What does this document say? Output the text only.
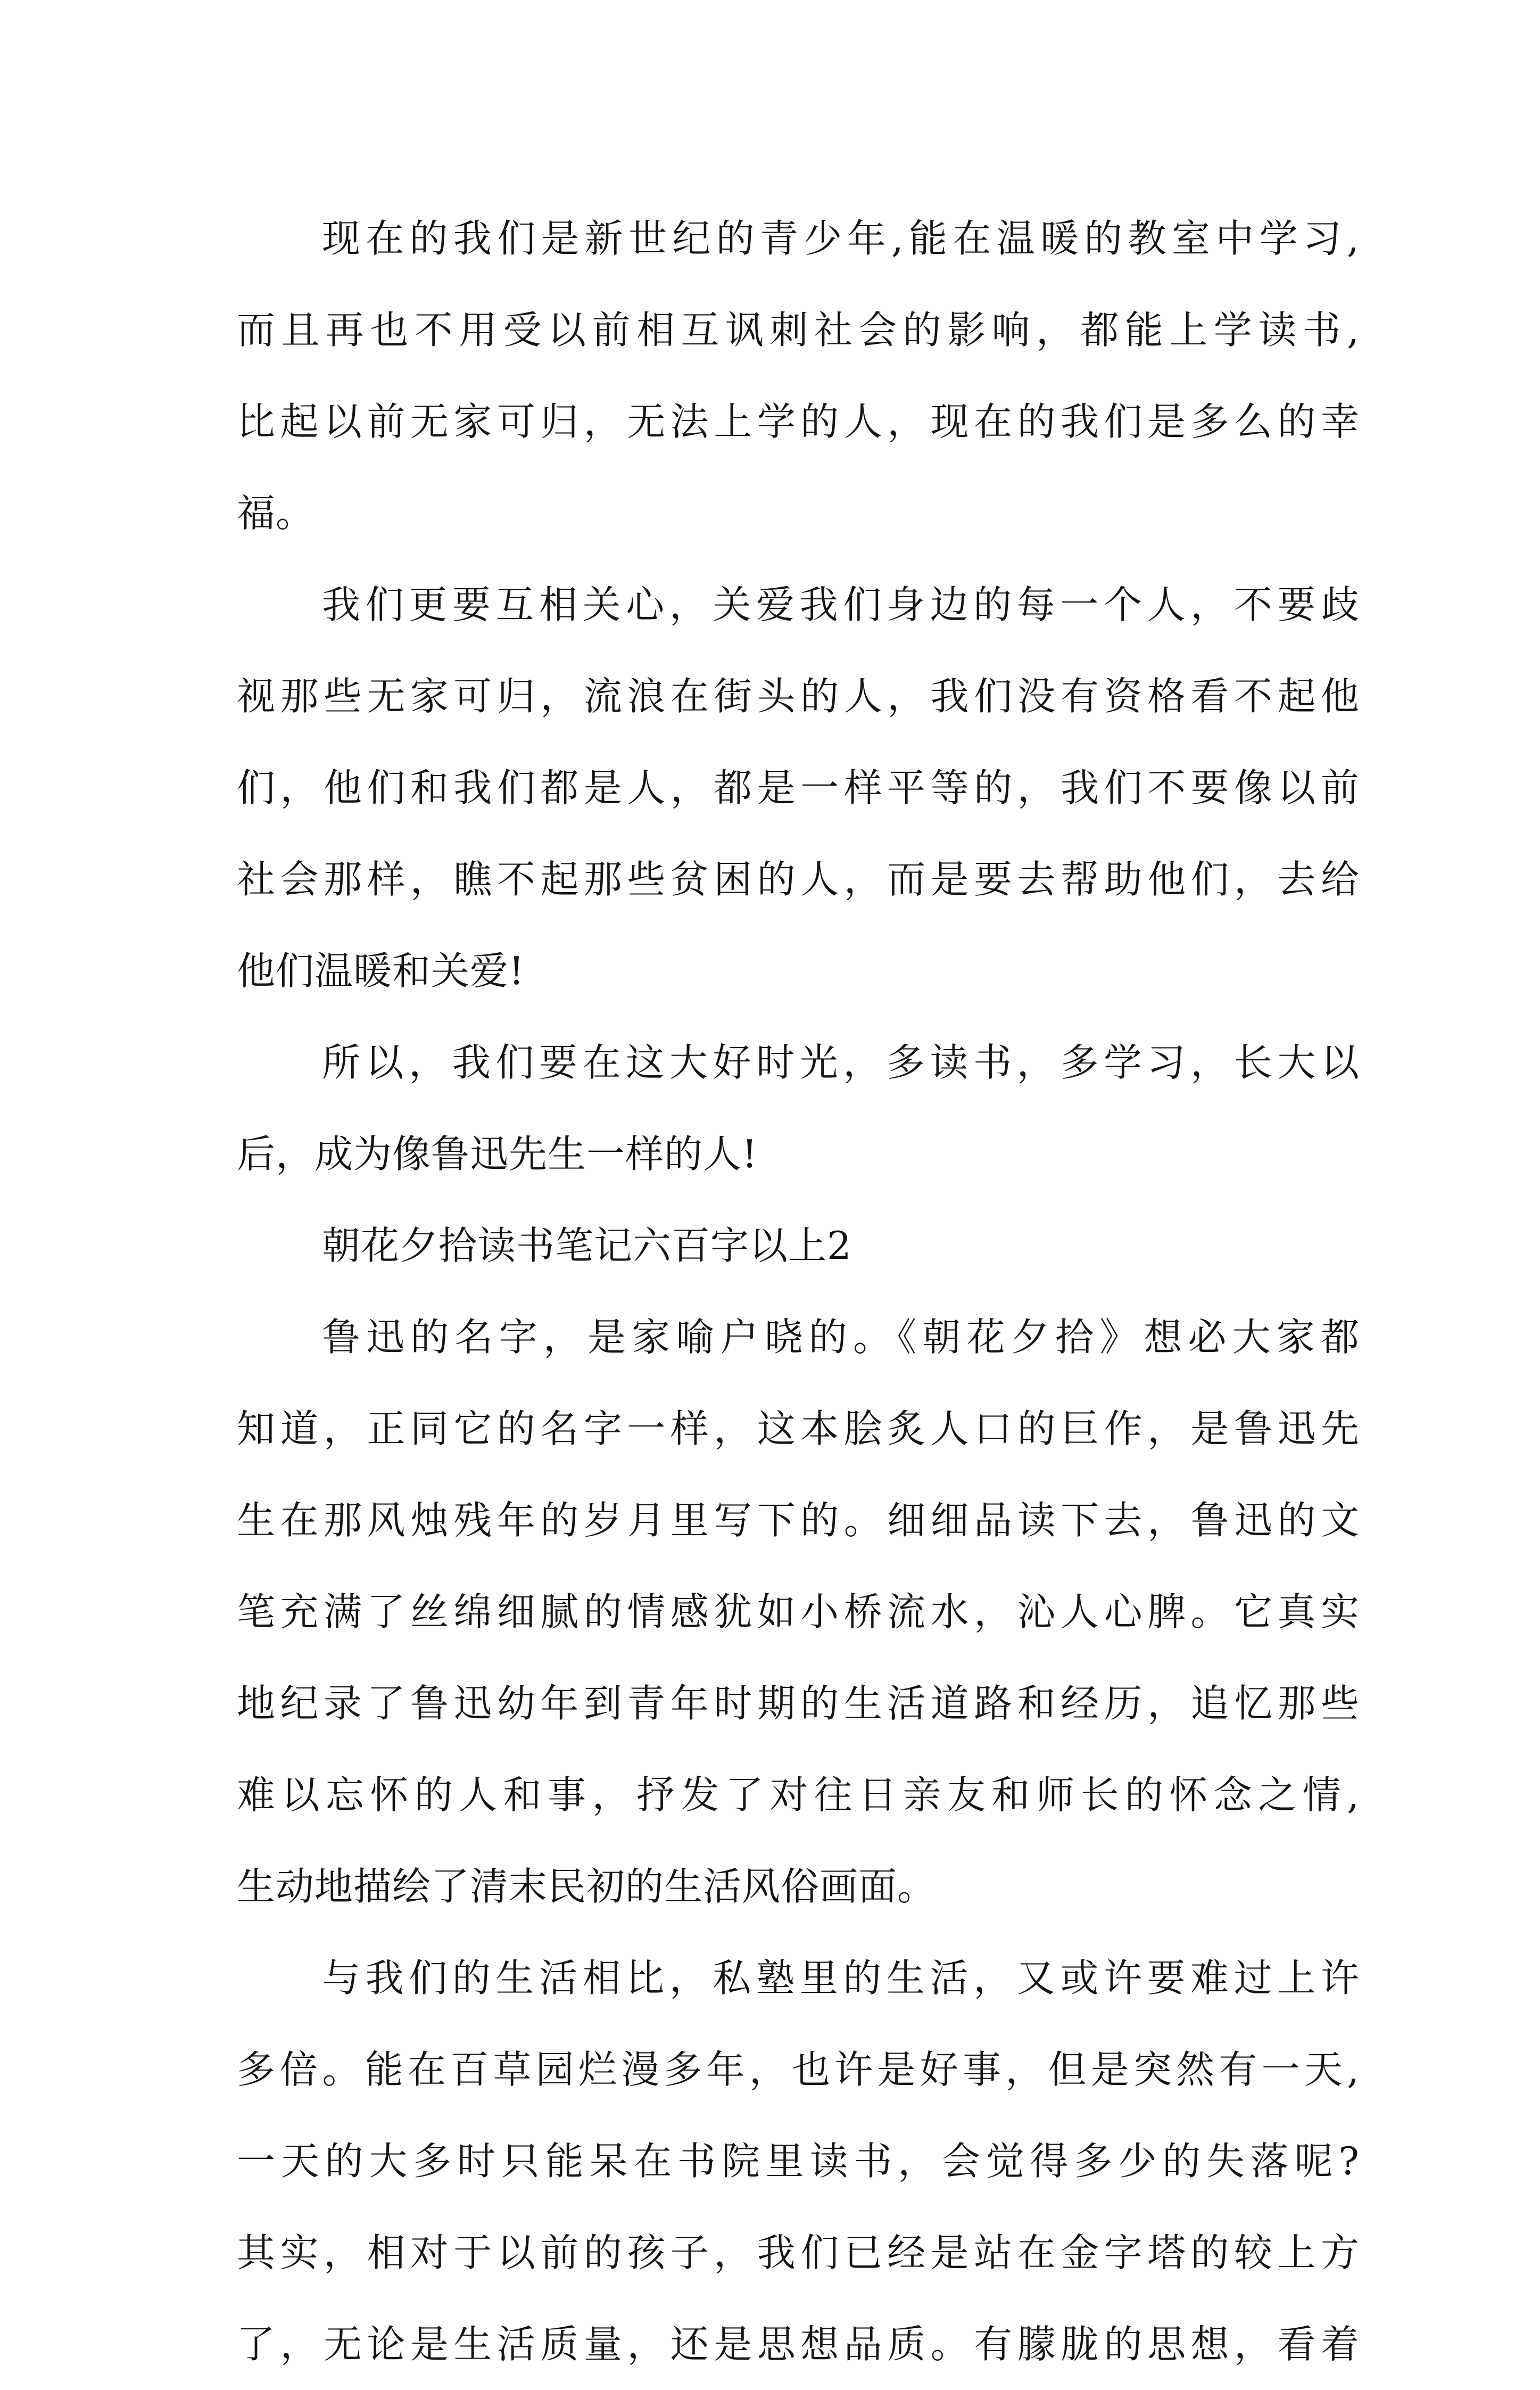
现在的我们是新世纪的青少年,能在温暖的教室中学习,
而且再也不用受以前相互讽刺社会的影响，都能上学读书,
比起以前无家可归，无法上学的人，现在的我们是多么的幸
福。
我们更要互相关心，关爱我们身边的每一个人，不要歧
视那些无家可归，流浪在街头的人，我们没有资格看不起他
们，他们和我们都是人，都是一样平等的，我们不要像以前
社会那样，瞧不起那些贫困的人，而是要去帮助他们，去给
他们温暖和关爱!
所以，我们要在这大好时光，多读书，多学习，长大以
后，成为像鲁迅先生一样的人!
朝花夕拾读书笔记六百字以上2
鲁迅的名字，是家喻户晓的。《朝花夕拾》想必大家都
知道，正同它的名字一样，这本脍炙人口的巨作，是鲁迅先
生在那风烛残年的岁月里写下的。细细品读下去，鲁迅的文
笔充满了丝绵细腻的情感犹如小桥流水，沁人心脾。它真实
地纪录了鲁迅幼年到青年时期的生活道路和经历，追忆那些
难以忘怀的人和事，抒发了对往日亲友和师长的怀念之情,
生动地描绘了清末民初的生活风俗画面。
与我们的生活相比，私塾里的生活，又或许要难过上许
多倍。能在百草园烂漫多年，也许是好事，但是突然有一天,
一天的大多时只能呆在书院里读书，会觉得多少的失落呢?
其实，相对于以前的孩子，我们已经是站在金字塔的较上方
了，无论是生活质量，还是思想品质。有朦胧的思想，看着
